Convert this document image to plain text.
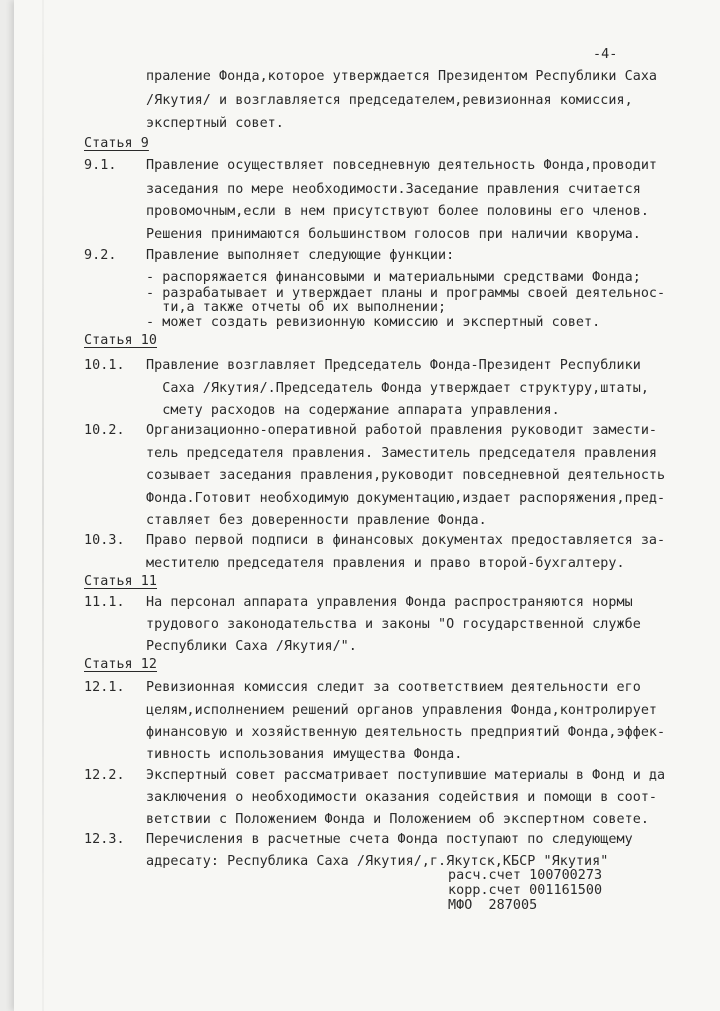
-4-
праление Фонда,которое утверждается Президентом Республики Саха
/Якутия/ и возглавляется председателем,ревизионная комиссия,
экспертный совет.
Статья 9
9.1. Правление осуществляет повседневную деятельность Фонда,проводит
заседания по мере необходимости.Заседание правления считается
провомочным,если в нем присутствуют более половины его членов.
Решения принимаются большинством голосов при наличии кворума.
9.2. Правление выполняет следующие функции:
- распоряжается финансовыми и материальными средствами Фонда;
- разрабатывает и утверждает планы и программы своей деятельнос-
ти,а также отчеты об их выполнении;
- может создать ревизионную комиссию и экспертный совет.
Статья 10
10.1. Правление возглавляет Председатель Фонда-Президент Республики
Саха /Якутия/.Председатель Фонда утверждает структуру,штаты,
смету расходов на содержание аппарата управления.
10.2. Организационно-оперативной работой правления руководит замести-
тель председателя правления. Заместитель председателя правления
созывает заседания правления,руководит повседневной деятельность
Фонда.Готовит необходимую документацию,издает распоряжения,пред-
ставляет без доверенности правление Фонда.
10.3. Право первой подписи в финансовых документах предоставляется за-
местителю председателя правления и право второй-бухгалтеру.
Статья 11
11.1. На персонал аппарата управления Фонда распространяются нормы
трудового законодательства и законы "О государственной службе
Республики Саха /Якутия/".
Статья 12
12.1. Ревизионная комиссия следит за соответствием деятельности его
целям,исполнением решений органов управления Фонда,контролирует
финансовую и хозяйственную деятельность предприятий Фонда,эффек-
тивность использования имущества Фонда.
12.2. Экспертный совет рассматривает поступившие материалы в Фонд и да
заключения о необходимости оказания содействия и помощи в соот-
ветствии с Положением Фонда и Положением об экспертном совете.
12.3. Перечисления в расчетные счета Фонда поступают по следующему
адресату: Республика Саха /Якутия/,г.Якутск,КБСР "Якутия"
расч.счет 100700273
корр.счет 001161500
МФО  287005
